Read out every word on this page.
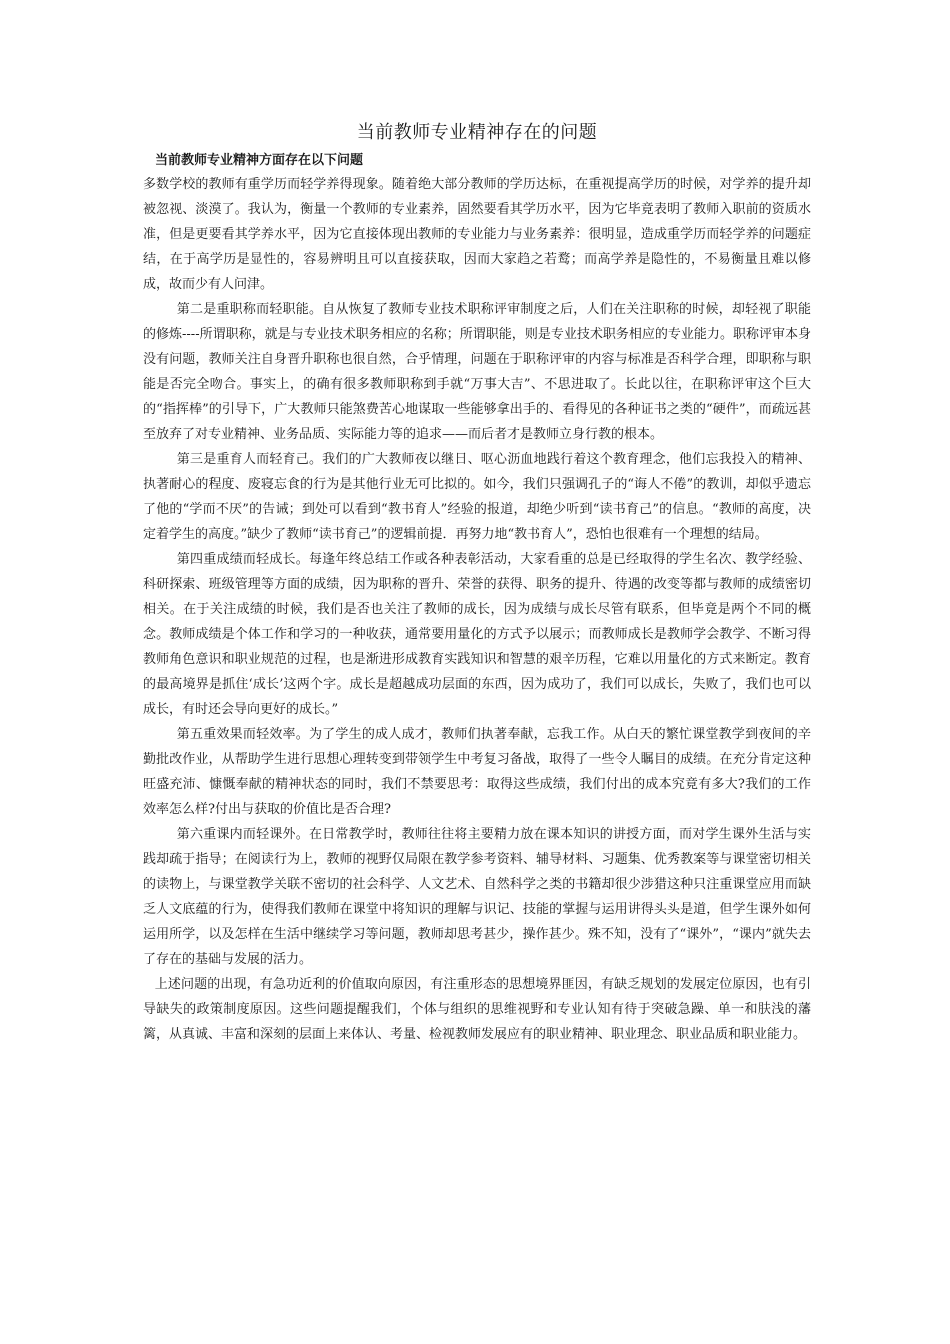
当前教师专业精神存在的问题
当前教师专业精神方面存在以下问题

多数学校的教师有重学历而轻学养得现象。随着绝大部分教师的学历达标，在重视提高学历的时候，对学养的提升却被忽视、淡漠了。我认为，衡量一个教师的专业素养，固然要看其学历水平，因为它毕竟表明了教师入职前的资质水准，但是更要看其学养水平，因为它直接体现出教师的专业能力与业务素养：很明显，造成重学历而轻学养的问题症结，在于高学历是显性的，容易辨明且可以直接获取，因而大家趋之若鹜；而高学养是隐性的，不易衡量且难以修成，故而少有人问津。

第二是重职称而轻职能。自从恢复了教师专业技术职称评审制度之后，人们在关注职称的时候，却轻视了职能的修炼----所谓职称，就是与专业技术职务相应的名称；所谓职能，则是专业技术职务相应的专业能力。职称评审本身没有问题，教师关注自身晋升职称也很自然，合乎情理，问题在于职称评审的内容与标准是否科学合理，即职称与职能是否完全吻合。事实上，的确有很多教师职称到手就“万事大吉”、不思进取了。长此以往，在职称评审这个巨大的“指挥棒”的引导下，广大教师只能煞费苦心地谋取一些能够拿出手的、看得见的各种证书之类的“硬件”，而疏远甚至放弃了对专业精神、业务品质、实际能力等的追求——而后者才是教师立身行教的根本。

第三是重育人而轻育己。我们的广大教师夜以继日、呕心沥血地践行着这个教育理念，他们忘我投入的精神、执著耐心的程度、废寝忘食的行为是其他行业无可比拟的。如今，我们只强调孔子的“诲人不倦”的教训，却似乎遗忘了他的“学而不厌”的告诫；到处可以看到“教书育人”经验的报道，却绝少听到“读书育己”的信息。“教师的高度，决定着学生的高度。”缺少了教师“读书育己”的逻辑前提．再努力地“教书育人”，恐怕也很难有一个理想的结局。

第四重成绩而轻成长。每逢年终总结工作或各种表彰活动，大家看重的总是已经取得的学生名次、教学经验、科研探索、班级管理等方面的成绩，因为职称的晋升、荣誉的获得、职务的提升、待遇的改变等都与教师的成绩密切相关。在于关注成绩的时候，我们是否也关注了教师的成长，因为成绩与成长尽管有联系，但毕竟是两个不同的概念。教师成绩是个体工作和学习的一种收获，通常要用量化的方式予以展示；而教师成长是教师学会教学、不断习得教师角色意识和职业规范的过程，也是渐进形成教育实践知识和智慧的艰辛历程，它难以用量化的方式来断定。教育的最高境界是抓住‘成长’这两个字。成长是超越成功层面的东西，因为成功了，我们可以成长，失败了，我们也可以成长，有时还会导向更好的成长。”

第五重效果而轻效率。为了学生的成人成才，教师们执著奉献，忘我工作。从白天的繁忙课堂教学到夜间的辛勤批改作业，从帮助学生进行思想心理转变到带领学生中考复习备战，取得了一些令人瞩目的成绩。在充分肯定这种旺盛充沛、慷慨奉献的精神状态的同时，我们不禁要思考：取得这些成绩，我们付出的成本究竟有多大?我们的工作效率怎么样?付出与获取的价值比是否合理?

第六重课内而轻课外。在日常教学时，教师往往将主要精力放在课本知识的讲授方面，而对学生课外生活与实践却疏于指导；在阅读行为上，教师的视野仅局限在教学参考资料、辅导材料、习题集、优秀教案等与课堂密切相关的读物上，与课堂教学关联不密切的社会科学、人文艺术、自然科学之类的书籍却很少涉猎这种只注重课堂应用而缺乏人文底蕴的行为，使得我们教师在课堂中将知识的理解与识记、技能的掌握与运用讲得头头是道，但学生课外如何运用所学，以及怎样在生活中继续学习等问题，教师却思考甚少，操作甚少。殊不知，没有了“课外”，“课内”就失去了存在的基础与发展的活力。

上述问题的出现，有急功近利的价值取向原因，有注重形态的思想境界匪因，有缺乏规划的发展定位原因，也有引导缺失的政策制度原因。这些问题提醒我们，个体与组织的思维视野和专业认知有待于突破急躁、单一和肤浅的藩篱，从真诚、丰富和深刻的层面上来体认、考量、检视教师发展应有的职业精神、职业理念、职业品质和职业能力。
